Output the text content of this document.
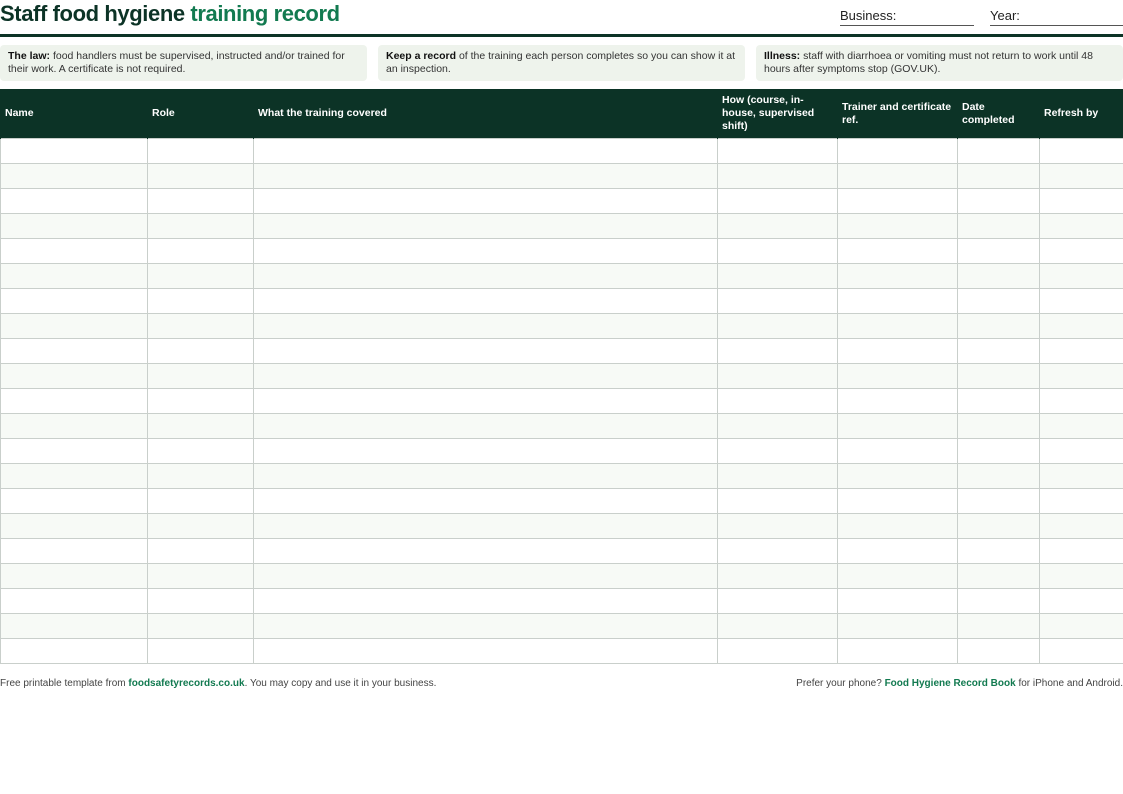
Staff food hygiene training record	Business:	Year:
The law: food handlers must be supervised, instructed and/or trained for their work. A certificate is not required.
Keep a record of the training each person completes so you can show it at an inspection.
Illness: staff with diarrhoea or vomiting must not return to work until 48 hours after symptoms stop (GOV.UK).
Name	Role	What the training covered	How (course, in-house, supervised shift)	Trainer and certificate ref.	Date completed	Refresh by

Free printable template from foodsafetyrecords.co.uk. You may copy and use it in your business.	Prefer your phone? Food Hygiene Record Book for iPhone and Android.
